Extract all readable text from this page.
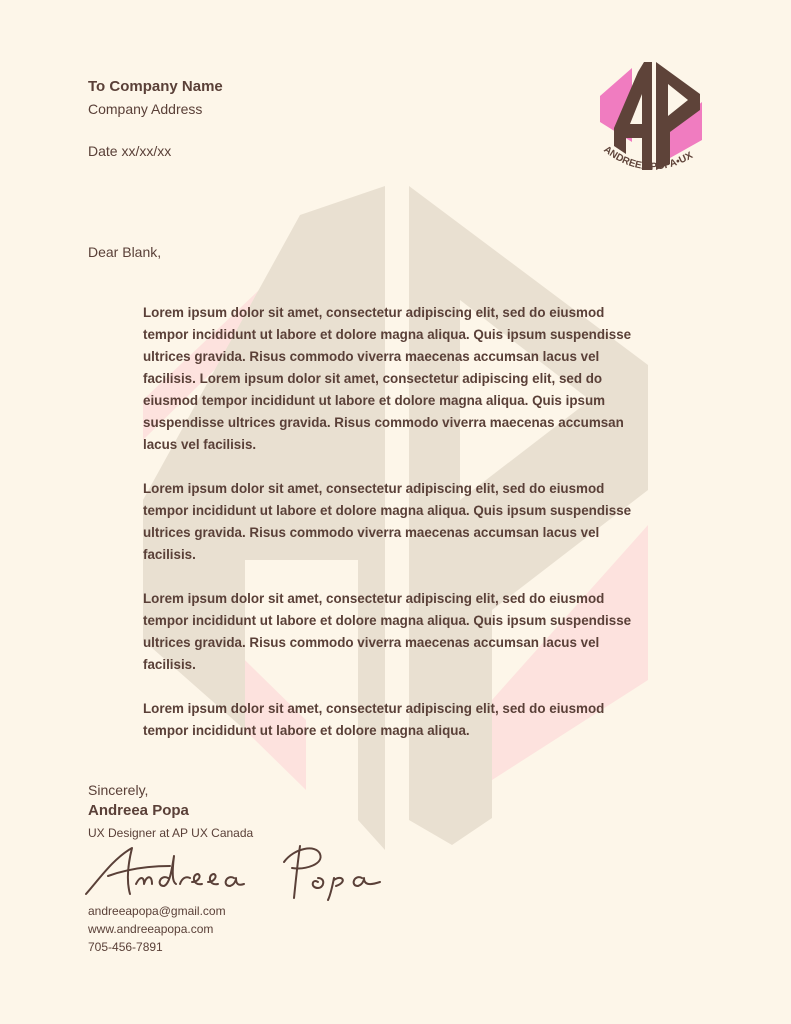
ANDREEA POPA•UX

To Company Name

Company Address

Date xx/xx/xx
Dear Blank,

Lorem ipsum dolor sit amet, consectetur adipiscing elit, sed do eiusmod tempor incididunt ut labore et dolore magna aliqua. Quis ipsum suspendisse ultrices gravida. Risus commodo viverra maecenas accumsan lacus vel facilisis. Lorem ipsum dolor sit amet, consectetur adipiscing elit, sed do eiusmod tempor incididunt ut labore et dolore magna aliqua. Quis ipsum suspendisse ultrices gravida. Risus commodo viverra maecenas accumsan lacus vel facilisis.

Lorem ipsum dolor sit amet, consectetur adipiscing elit, sed do eiusmod tempor incididunt ut labore et dolore magna aliqua. Quis ipsum suspendisse ultrices gravida. Risus commodo viverra maecenas accumsan lacus vel facilisis.

Lorem ipsum dolor sit amet, consectetur adipiscing elit, sed do eiusmod tempor incididunt ut labore et dolore magna aliqua. Quis ipsum suspendisse ultrices gravida. Risus commodo viverra maecenas accumsan lacus vel facilisis.

Lorem ipsum dolor sit amet, consectetur adipiscing elit, sed do eiusmod tempor incididunt ut labore et dolore magna aliqua.

Sincerely,

Andreea Popa

UX Designer at AP UX Canada

andreeapopa@gmail.com
www.andreeapopa.com
705-456-7891
